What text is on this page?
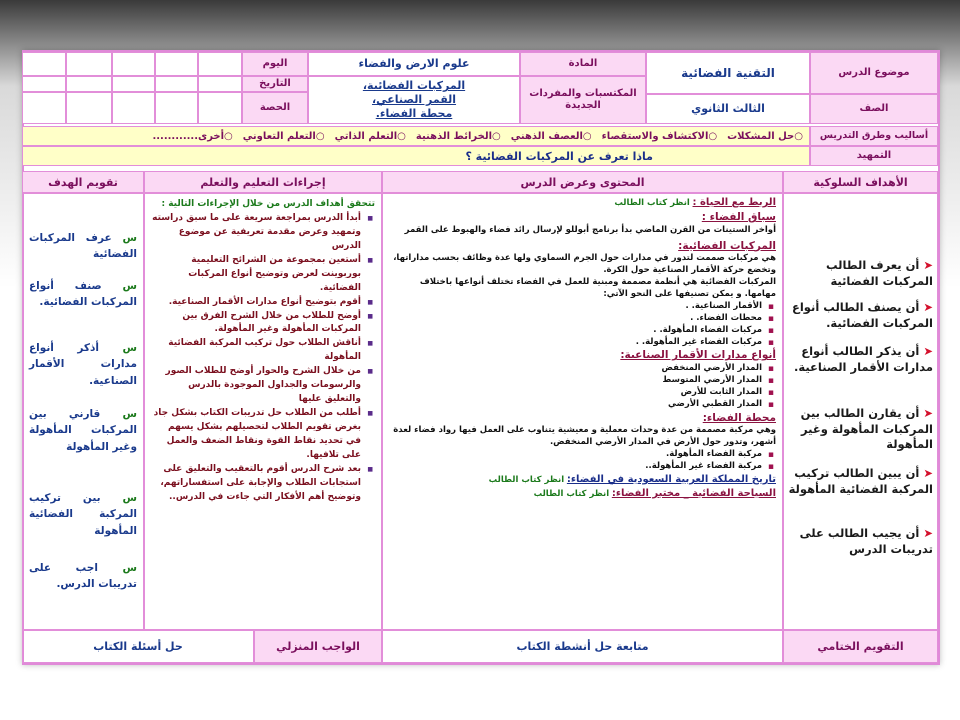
موضوع الدرس
التقنية الفضائية
المادة
علوم الارض والفضاء
اليوم
الصف
الثالث الثانوي
المكتسبات والمفردات الجديدة
المركبات الفضائية،
القمر الصناعي،
محطة الفضاء.
التاريخ
الحصة
أساليب وطرق التدريس
○حل المشكلات
○الاكتشاف والاستقصاء
○العصف الذهني
○الخرائط الذهنية
○التعلم الذاتي
○التعلم التعاوني
○أخرى............
التمهيد
ماذا تعرف عن المركبات الفضائية ؟
الأهداف السلوكية
المحتوى وعرض الدرس
إجراءات التعليم والتعلم
تقويم الهدف
➤أن يعرف الطالب المركبات الفضائية
➤أن يصنف الطالب أنواع المركبات الفضائية.
➤أن يذكر الطالب أنواع مدارات الأقمار الصناعية.
➤أن يقارن الطالب بين المركبات المأهولة وغير المأهولة
➤أن يبين الطالب تركيب المركبة الفضائية المأهولة
➤أن يجيب الطالب على تدريبات الدرس
الربط مع الحياة : انظر كتاب الطالب
سباق الفضاء :
أواخر الستينات من القرن الماضي بدأ برنامج أبوللو لإرسال رائد فضاء والهبوط على القمر
المركبات الفضائية:
هي مركبات صممت لتدور في مدارات حول الجرم السماوي ولها عدة وظائف بحسب مداراتها، وتخضع حركة الأقمار الصناعية حول الكرة.
المركبات الفضائية هي أنظمة مصممة ومبنية للعمل في الفضاء تختلف أنواعها باختلاف مهامها. و يمكن تصنيفها على النحو الآتي:
▪ الأقمار الصناعية. .
▪ محطات الفضاء. .
▪ مركبات الفضاء المأهولة. .
▪ مركبات الفضاء غير المأهولة. .
أنواع مدارات الأقمار الصناعية:
▪ المدار الأرضي المنخفض
▪ المدار الأرضي المتوسط
▪ المدار الثابت للأرض
▪ المدار القطبي الأرضي
محطة الفضاء:
وهي مركبة مصممة من عدة وحدات معملية و معيشية يتناوب على العمل فيها رواد فضاء لعدة أشهر، وتدور حول الأرض في المدار الأرضي المنخفض.
▪ مركبة الفضاء المأهولة.
▪ مركبة الفضاء غير المأهولة..
تاريخ المملكة العربية السعودية في الفضاء: انظر كتاب الطالب
السياحة الفضائية _ مختبر الفضاء: انظر كتاب الطالب
تتحقق أهداف الدرس من خلال الإجراءات التالية :
■ أبدأ الدرس بمراجعة سريعة على ما سبق دراسته وتمهيد وعرض مقدمة تعريفية عن موضوع الدرس
■ أستعين بمجموعة من الشرائح التعليمية بوربوينت لعرض وتوضيح أنواع المركبات الفضائية.
■ أقوم بتوضيح أنواع مدارات الأقمار الصناعية.
■ أوضح للطلاب من خلال الشرح الفرق بين المركبات المأهولة وغير المأهولة.
■ أناقش الطلاب حول تركيب المركبة الفضائية المأهولة
■ من خلال الشرح والحوار أوضح للطلاب الصور والرسومات والجداول الموجودة بالدرس والتعليق عليها
■ أطلب من الطلاب حل تدريبات الكتاب بشكل جاد بغرض تقويم الطلاب لتحصيلهم بشكل يسهم في تحديد نقاط القوة ونقاط الضعف والعمل على تلافيها.
■ بعد شرح الدرس أقوم بالتعقيب والتعليق على استجابات الطلاب والإجابة على استفساراتهم، وتوضيح أهم الأفكار التي جاءت في الدرس..
س عرف المركبات الفضائية
س صنف أنواع المركبات الفضائية.
س أذكر أنواع مدارات الأقمار الصناعية.
س قارني بين المركبات المأهولة وغير المأهولة
س بين تركيب المركبة الفضائية المأهولة
س اجب على تدريبات الدرس.
التقويم الختامي
متابعة حل أنشطة الكتاب
الواجب المنزلي
حل أسئلة الكتاب
